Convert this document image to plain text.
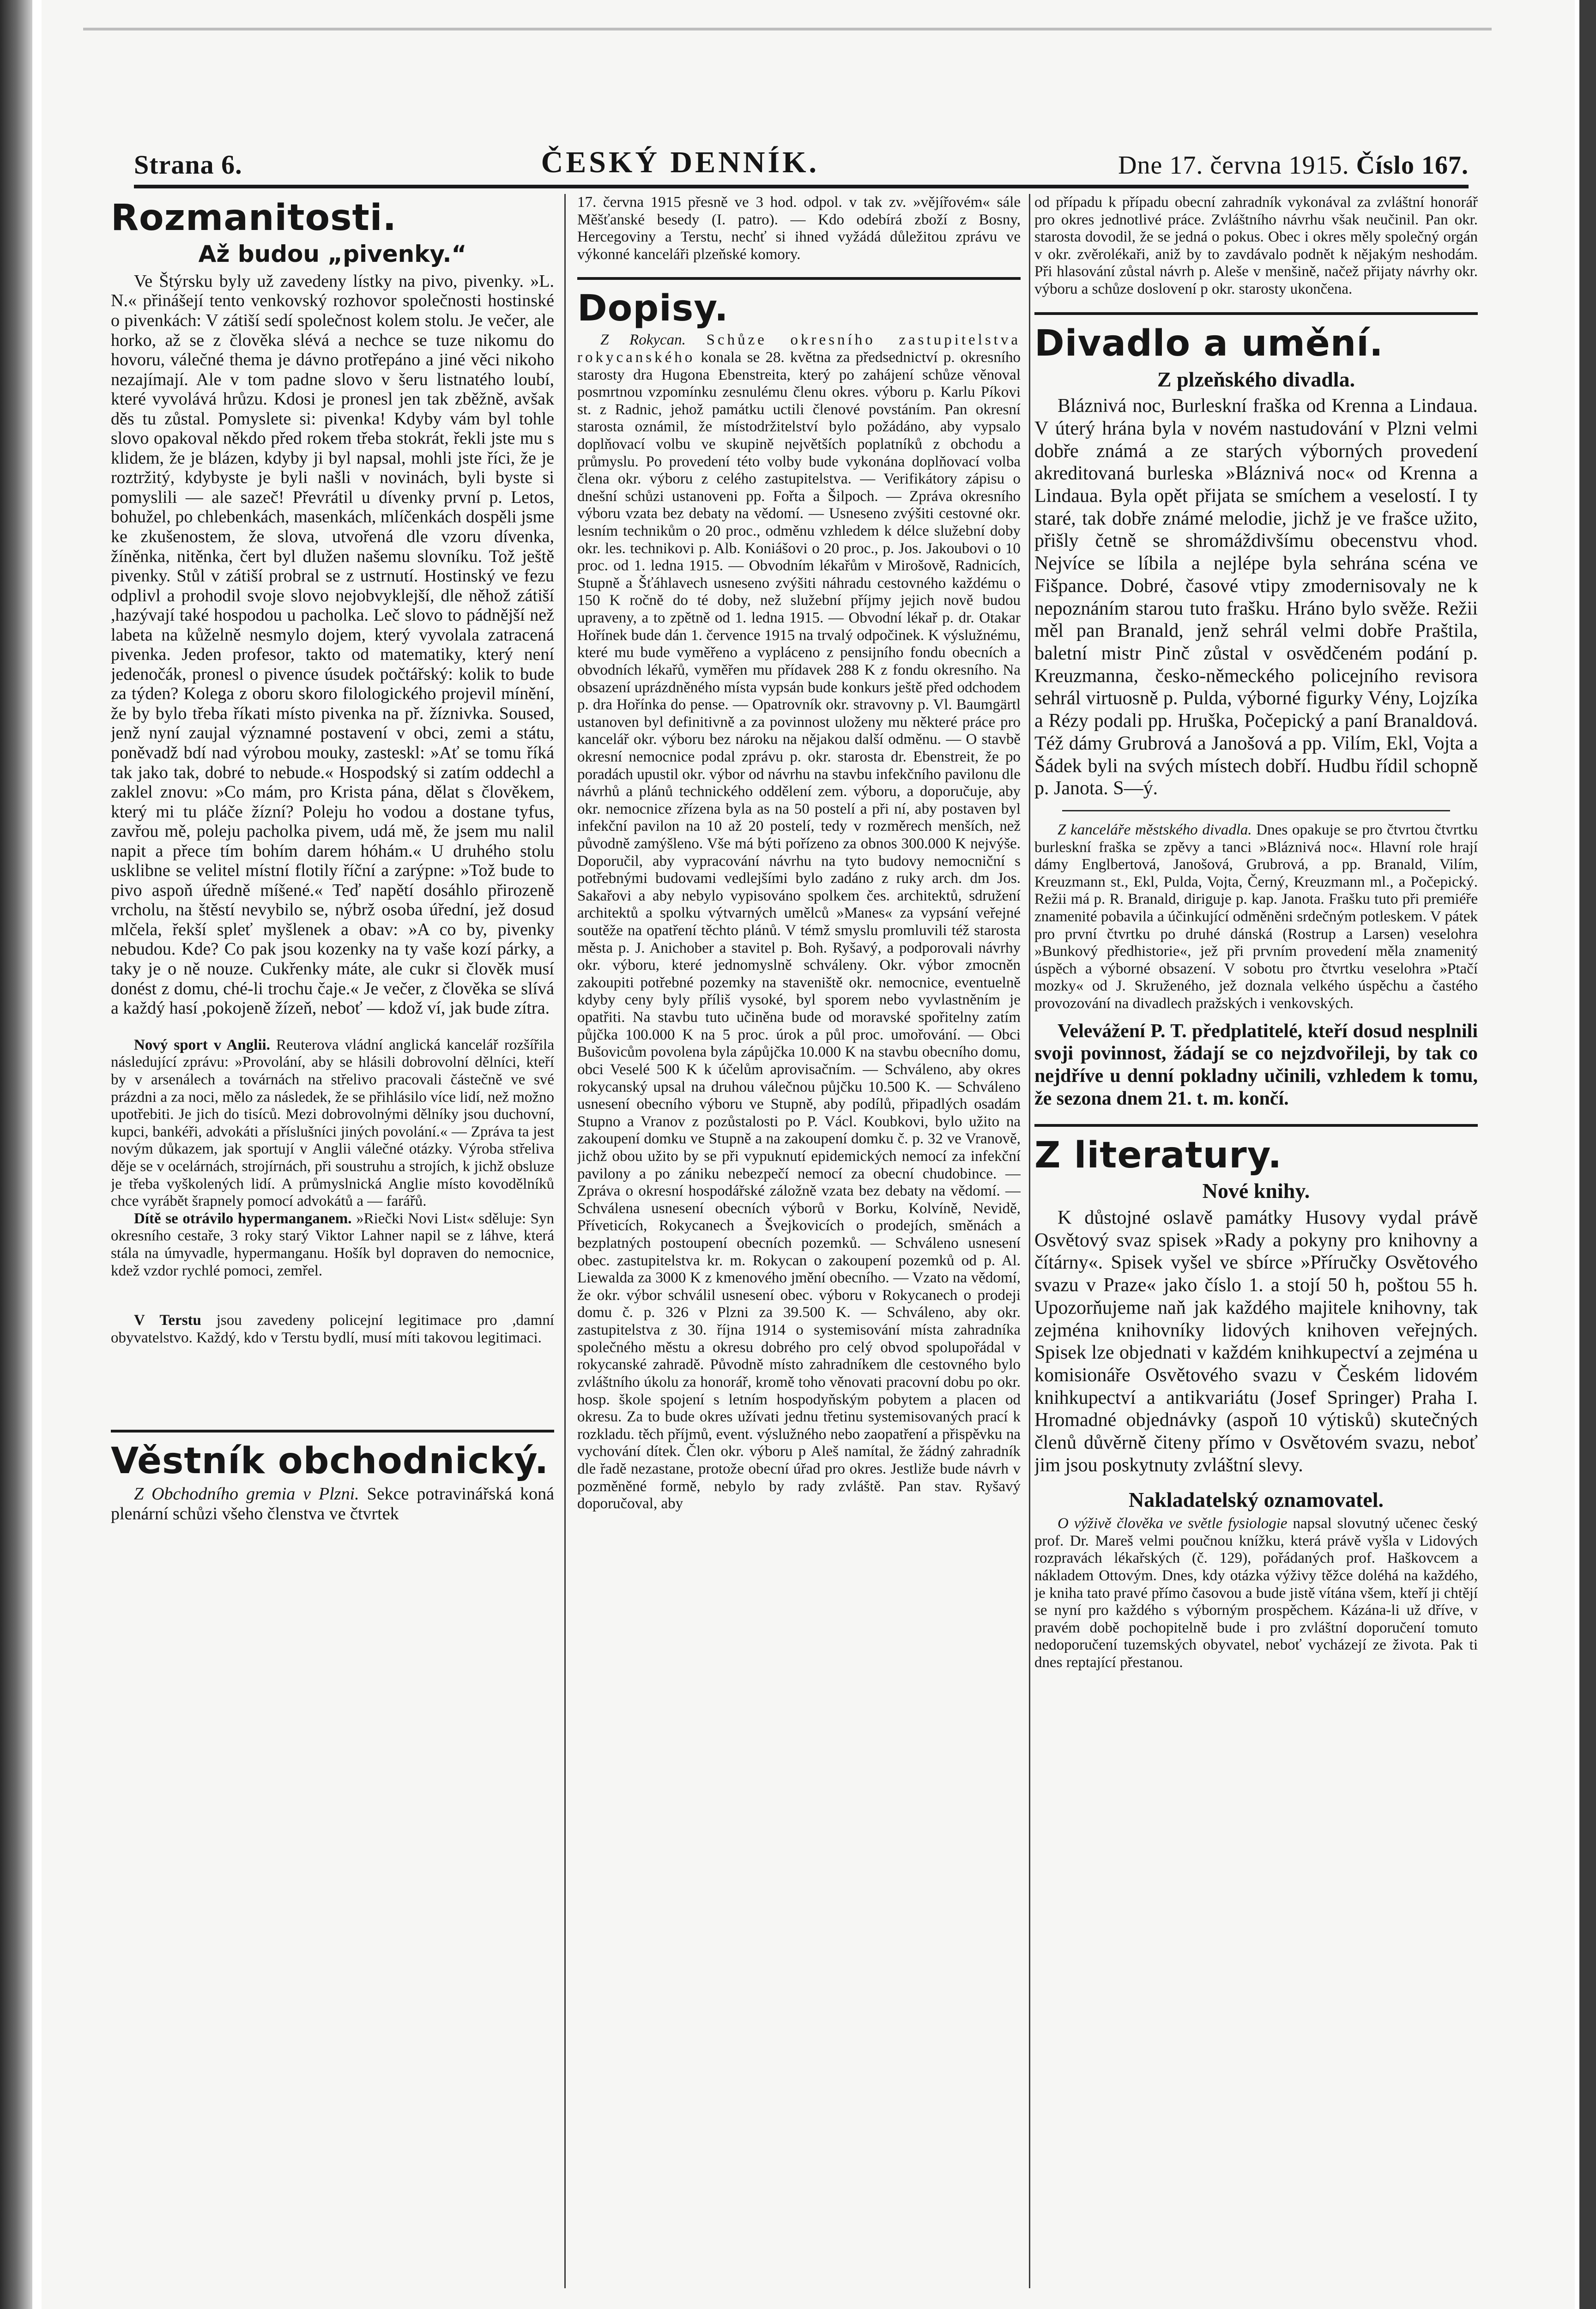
Strana 6.	ČESKÝ DENNÍK.	Dne 17. června 1915. Číslo 167.
Rozmanitosti.
Až budou „pivenky.“

Ve Štýrsku byly už zavedeny lístky na pivo, pivenky. »L. N.« přinášejí tento venkovský rozhovor společnosti hostinské o pivenkách: V zátiší sedí společnost kolem stolu. Je večer, ale horko, až se z člověka slévá a nechce se tuze nikomu do hovoru, válečné thema je dávno protřepáno a jiné věci nikoho nezajímají. Ale v tom padne slovo v šeru listnatého loubí, které vyvolává hrůzu. Kdosi je pronesl jen tak zběžně, avšak děs tu zůstal. Pomyslete si: pivenka! Kdyby vám byl tohle slovo opakoval někdo před rokem třeba stokrát, řekli jste mu s klidem, že je blázen, kdyby ji byl napsal, mohli jste říci, že je roztržitý, kdybyste je byli našli v novinách, byli byste si pomyslili — ale sazeč! Převrátil u dívenky první p. Letos, bohužel, po chlebenkách, masenkách, mlíčenkách dospěli jsme ke zkušenostem, že slova, utvořená dle vzoru dívenka, žíněnka, nitěnka, čert byl dlužen našemu slovníku. Tož ještě pivenky. Stůl v zátiší probral se z ustrnutí. Hostinský ve fezu odplivl a prohodil svoje slovo nejobvyklejší, dle něhož zátiší ,hazývají také hospodou u pacholka. Leč slovo to pádnější než labeta na kůželně nesmylo dojem, který vyvolala zatracená pivenka. Jeden profesor, takto od matematiky, který není jedenočák, pronesl o pivence úsudek počtářský: kolik to bude za týden? Kolega z oboru skoro filologického projevil mínění, že by bylo třeba říkati místo pivenka na př. žíznivka. Soused, jenž nyní zaujal významné postavení v obci, zemi a státu, poněvadž bdí nad výrobou mouky, zasteskl: »Ať se tomu říká tak jako tak, dobré to nebude.« Hospodský si zatím oddechl a zaklel znovu: »Co mám, pro Krista pána, dělat s člověkem, který mi tu pláče žízní? Poleju ho vodou a dostane tyfus, zavřou mě, poleju pacholka pivem, udá mě, že jsem mu nalil napit a přece tím bohím darem hóhám.« U druhého stolu usklibne se velitel místní flotily říční a zarýpne: »Tož bude to pivo aspoň úředně míšené.« Teď napětí dosáhlo přirozeně vrcholu, na štěstí nevybilo se, nýbrž osoba úřední, jež dosud mlčela, řekší spleť myšlenek a obav: »A co by, pivenky nebudou. Kde? Co pak jsou kozenky na ty vaše kozí párky, a taky je o ně nouze. Cukřenky máte, ale cukr si člověk musí donést z domu, ché-li trochu čaje.« Je večer, z člověka se slívá a každý hasí ,pokojeně žízeň, neboť — kdož ví, jak bude zítra.

Nový sport v Anglii. Reuterova vládní anglická kancelář rozšířila následující zprávu: »Provolání, aby se hlásili dobrovolní dělníci, kteří by v arsenálech a továrnách na střelivo pracovali částečně ve své prázdni a za noci, mělo za následek, že se přihlásilo více lidí, než možno upotřebiti. Je jich do tisíců. Mezi dobrovolnými dělníky jsou duchovní, kupci, bankéři, advokáti a příslušníci jiných povolání.« — Zpráva ta jest novým důkazem, jak sportují v Anglii válečné otázky. Výroba střeliva děje se v ocelárnách, strojírnách, při soustruhu a strojích, k jichž obsluze je třeba vyškolených lidí. A průmyslnická Anglie místo kovodělníků chce vyrábět šrapnely pomocí advokátů a — farářů.

Dítě se otrávilo hypermanganem. »Riečki Novi List« sděluje: Syn okresního cestaře, 3 roky starý Viktor Lahner napil se z láhve, která stála na úmyvadle, hypermanganu. Hošík byl dopraven do nemocnice, kdež vzdor rychlé pomoci, zemřel.

V Terstu jsou zavedeny policejní legitimace pro ,damní obyvatelstvo. Každý, kdo v Terstu bydlí, musí míti takovou legitimaci.

Věstník obchodnický.

Z Obchodního gremia v Plzni. Sekce potravinářská koná plenární schůzi všeho členstva ve čtvrtek

17. června 1915 přesně ve 3 hod. odpol. v tak zv. »vějířovém« sále Měšťanské besedy (I. patro). — Kdo odebírá zboží z Bosny, Hercegoviny a Terstu, nechť si ihned vyžádá důležitou zprávu ve výkonné kanceláři plzeňské komory.

Dopisy.

Z Rokycan. Schůze okresního zastupitelstva rokycanského konala se 28. května za předsednictví p. okresního starosty dra Hugona Ebenstreita, který po zahájení schůze věnoval posmrtnou vzpomínku zesnulému členu okres. výboru p. Karlu Píkovi st. z Radnic, jehož památku uctili členové povstáním. Pan okresní starosta oznámil, že místodržitelství bylo požádáno, aby vypsalo doplňovací volbu ve skupině největších poplatníků z obchodu a průmyslu. Po provedení této volby bude vykonána doplňovací volba člena okr. výboru z celého zastupitelstva. — Verifikátory zápisu o dnešní schůzi ustanoveni pp. Fořta a Šilpoch. — Zpráva okresního výboru vzata bez debaty na vědomí. — Usneseno zvýšiti cestovné okr. lesním technikům o 20 proc., odměnu vzhledem k délce služební doby okr. les. technikovi p. Alb. Koniášovi o 20 proc., p. Jos. Jakoubovi o 10 proc. od 1. ledna 1915. — Obvodním lékařům v Mirošově, Radnicích, Stupně a Šťáhlavech usneseno zvýšiti náhradu cestovného každému o 150 K ročně do té doby, než služební příjmy jejich nově budou upraveny, a to zpětně od 1. ledna 1915. — Obvodní lékař p. dr. Otakar Hořínek bude dán 1. července 1915 na trvalý odpočinek. K výslužnému, které mu bude vyměřeno a vypláceno z pensijního fondu obecních a obvodních lékařů, vyměřen mu přídavek 288 K z fondu okresního. Na obsazení uprázdněného místa vypsán bude konkurs ještě před odchodem p. dra Hořínka do pense. — Opatrovník okr. stravovny p. Vl. Baumgärtl ustanoven byl definitivně a za povinnost uloženy mu některé práce pro kancelář okr. výboru bez nároku na nějakou další odměnu. — O stavbě okresní nemocnice podal zprávu p. okr. starosta dr. Ebenstreit, že po poradách upustil okr. výbor od návrhu na stavbu infekčního pavilonu dle návrhů a plánů technického oddělení zem. výboru, a doporučuje, aby okr. nemocnice zřízena byla as na 50 postelí a při ní, aby postaven byl infekční pavilon na 10 až 20 postelí, tedy v rozměrech menších, než původně zamýšleno. Vše má býti pořízeno za obnos 300.000 K nejvýše. Doporučil, aby vypracování návrhu na tyto budovy nemocniční s potřebnými budovami vedlejšími bylo zadáno z ruky arch. dm Jos. Sakařovi a aby nebylo vypisováno spolkem čes. architektů, sdružení architektů a spolku výtvarných umělců »Manes« za vypsání veřejné soutěže na opatření těchto plánů. V témž smyslu promluvili též starosta města p. J. Anichober a stavitel p. Boh. Ryšavý, a podporovali návrhy okr. výboru, které jednomyslně schváleny. Okr. výbor zmocněn zakoupiti potřebné pozemky na staveniště okr. nemocnice, eventuelně kdyby ceny byly příliš vysoké, byl sporem nebo vyvlastněním je opatřiti. Na stavbu tuto učiněna bude od moravské spořitelny zatím půjčka 100.000 K na 5 proc. úrok a půl proc. umořování. — Obci Bušovicům povolena byla zápůjčka 10.000 K na stavbu obecního domu, obci Veselé 500 K k účelům aprovisačním. — Schváleno, aby okres rokycanský upsal na druhou válečnou půjčku 10.500 K. — Schváleno usnesení obecního výboru ve Stupně, aby podílů, připadlých osadám Stupno a Vranov z pozůstalosti po P. Václ. Koubkovi, bylo užito na zakoupení domku ve Stupně a na zakoupení domku č. p. 32 ve Vranově, jichž obou užito by se při vypuknutí epidemických nemocí za infekční pavilony a po zániku nebezpečí nemocí za obecní chudobince. — Zpráva o okresní hospodářské záložně vzata bez debaty na vědomí. — Schválena usnesení obecních výborů v Borku, Kolvíně, Nevidě, Příveticích, Rokycanech a Švejkovicích o prodejích, směnách a bezplatných postoupení obecních pozemků. — Schváleno usnesení obec. zastupitelstva kr. m. Rokycan o zakoupení pozemků od p. Al. Liewalda za 3000 K z kmenového jmění obecního. — Vzato na vědomí, že okr. výbor schválil usnesení obec. výboru v Rokycanech o prodeji domu č. p. 326 v Plzni za 39.500 K. — Schváleno, aby okr. zastupitelstva z 30. října 1914 o systemisování místa zahradníka společného městu a okresu dobrého pro celý obvod spolupořádal v rokycanské zahradě. Původně místo zahradníkem dle cestovného bylo zvláštního úkolu za honorář, kromě toho věnovati pracovní dobu po okr. hosp. škole spojení s letním hospodyňským pobytem a placen od okresu. Za to bude okres užívati jednu třetinu systemisovaných prací k rozkladu. těch příjmů, event. výslužného nebo zaopatření a přispěvku na vychování dítek. Člen okr. výboru p Aleš namítal, že žádný zahradník dle řadě nezastane, protože obecní úřad pro okres. Jestliže bude návrh v pozměněné formě, nebylo by rady zvláště. Pan stav. Ryšavý doporučoval, aby

od případu k případu obecní zahradník vykonával za zvláštní honorář pro okres jednotlivé práce. Zvláštního návrhu však neučinil. Pan okr. starosta dovodil, že se jedná o pokus. Obec i okres měly společný orgán v okr. zvěrolékaři, aniž by to zavdávalo podnět k nějakým neshodám. Při hlasování zůstal návrh p. Aleše v menšině, načež přijaty návrhy okr. výboru a schůze doslovení p okr. starosty ukončena.

Divadlo a umění.
Z plzeňského divadla.

Bláznivá noc, Burleskní fraška od Krenna a Lindaua. V úterý hrána byla v novém nastudování v Plzni velmi dobře známá a ze starých výborných provedení akreditovaná burleska »Bláznivá noc« od Krenna a Lindaua. Byla opět přijata se smíchem a veselostí. I ty staré, tak dobře známé melodie, jichž je ve frašce užito, přišly četně se shromáždivšímu obecenstvu vhod. Nejvíce se líbila a nejlépe byla sehrána scéna ve Fišpance. Dobré, časové vtipy zmodernisovaly ne k nepoznáním starou tuto frašku. Hráno bylo svěže. Režii měl pan Branald, jenž sehrál velmi dobře Praštila, baletní mistr Pinč zůstal v osvědčeném podání p. Kreuzmanna, česko-německého policejního revisora sehrál virtuosně p. Pulda, výborné figurky Vény, Lojzíka a Rézy podali pp. Hruška, Počepický a paní Branaldová. Též dámy Grubrová a Janošová a pp. Vilím, Ekl, Vojta a Šádek byli na svých místech dobří. Hudbu řídil schopně p. Janota. S—ý.

Z kanceláře městského divadla. Dnes opakuje se pro čtvrtou čtvrtku burleskní fraška se zpěvy a tanci »Bláznivá noc«. Hlavní role hrají dámy Englbertová, Janošová, Grubrová, a pp. Branald, Vilím, Kreuzmann st., Ekl, Pulda, Vojta, Černý, Kreuzmann ml., a Počepický. Režii má p. R. Branald, diriguje p. kap. Janota. Frašku tuto při premiéře znamenité pobavila a účinkující odměněni srdečným potleskem. V pátek pro první čtvrtku po druhé dánská (Rostrup a Larsen) veselohra »Bunkový předhistorie«, jež při prvním provedení měla znamenitý úspěch a výborné obsazení. V sobotu pro čtvrtku veselohra »Ptačí mozky« od J. Skruženého, jež doznala velkého úspěchu a častého provozování na divadlech pražských i venkovských.

Velevážení P. T. předplatitelé, kteří dosud nesplnili svoji povinnost, žádají se co nejzdvořileji, by tak co nejdříve u denní pokladny učinili, vzhledem k tomu, že sezona dnem 21. t. m. končí.

Z literatury.
Nové knihy.

K důstojné oslavě památky Husovy vydal právě Osvětový svaz spisek »Rady a pokyny pro knihovny a čítárny«. Spisek vyšel ve sbírce »Příručky Osvětového svazu v Praze« jako číslo 1. a stojí 50 h, poštou 55 h. Upozorňujeme naň jak každého majitele knihovny, tak zejména knihovníky lidových knihoven veřejných. Spisek lze objednati v každém knihkupectví a zejména u komisionáře Osvětového svazu v Českém lidovém knihkupectví a antikvariátu (Josef Springer) Praha I. Hromadné objednávky (aspoň 10 výtisků) skutečných členů důvěrně čiteny přímo v Osvětovém svazu, neboť jim jsou poskytnuty zvláštní slevy.

Nakladatelský oznamovatel.

O výživě člověka ve světle fysiologie napsal slovutný učenec český prof. Dr. Mareš velmi poučnou knížku, která právě vyšla v Lidových rozpravách lékařských (č. 129), pořádaných prof. Haškovcem a nákladem Ottovým. Dnes, kdy otázka výživy těžce doléhá na každého, je kniha tato pravé přímo časovou a bude jistě vítána všem, kteří ji chtějí se nyní pro každého s výborným prospěchem. Kázána-li už dříve, v pravém době pochopitelně bude i pro zvláštní doporučení tomuto nedoporučení tuzemských obyvatel, neboť vycházejí ze života. Pak ti dnes reptající přestanou.
